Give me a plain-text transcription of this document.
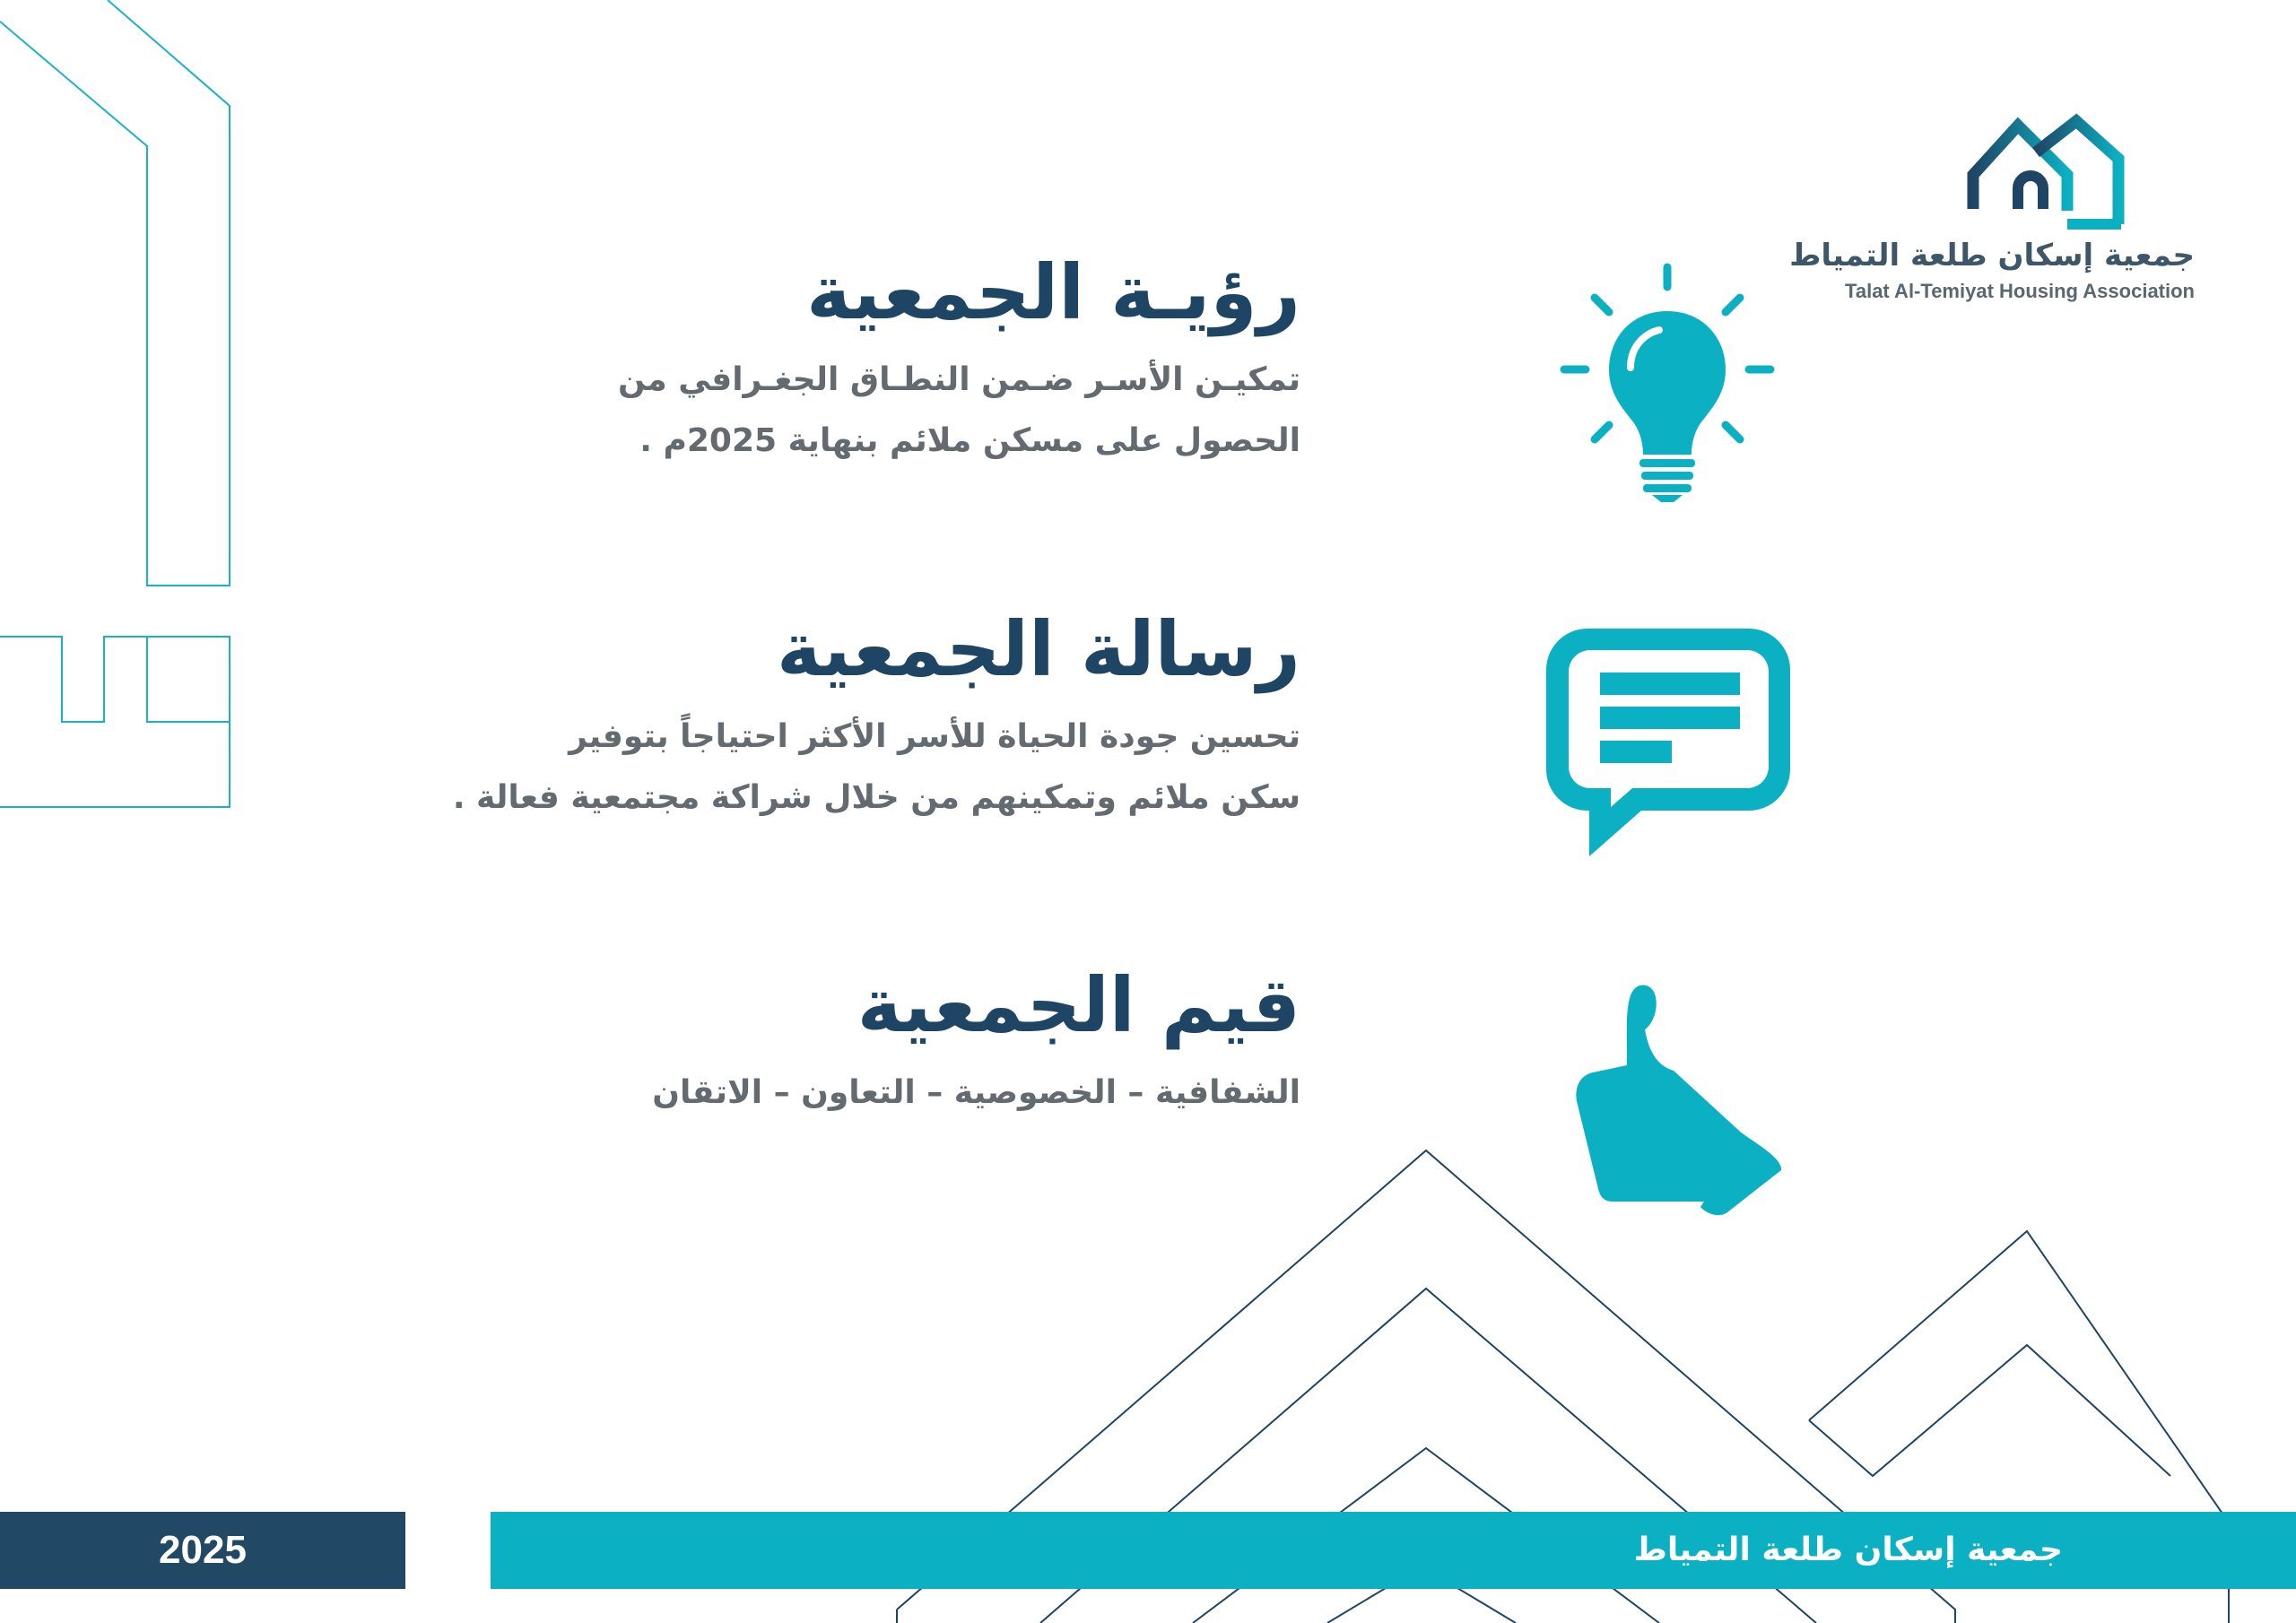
جمعية إسكان طلعة التمياط
Talat Al-Temiyat Housing Association
رؤيـة الجمعية
تمكيـن الأسـر ضـمن النطـاق الجغـرافي من
الحصول على مسكن ملائم بنهاية 2025م .
رسالة الجمعية
تحسين جودة الحياة للأسر الأكثر احتياجاً بتوفير
سكن ملائم وتمكينهم من خلال شراكة مجتمعية فعالة .
قيم الجمعية
الشفافية – الخصوصية – التعاون – الاتقان
2025	جمعية إسكان طلعة التمياط
